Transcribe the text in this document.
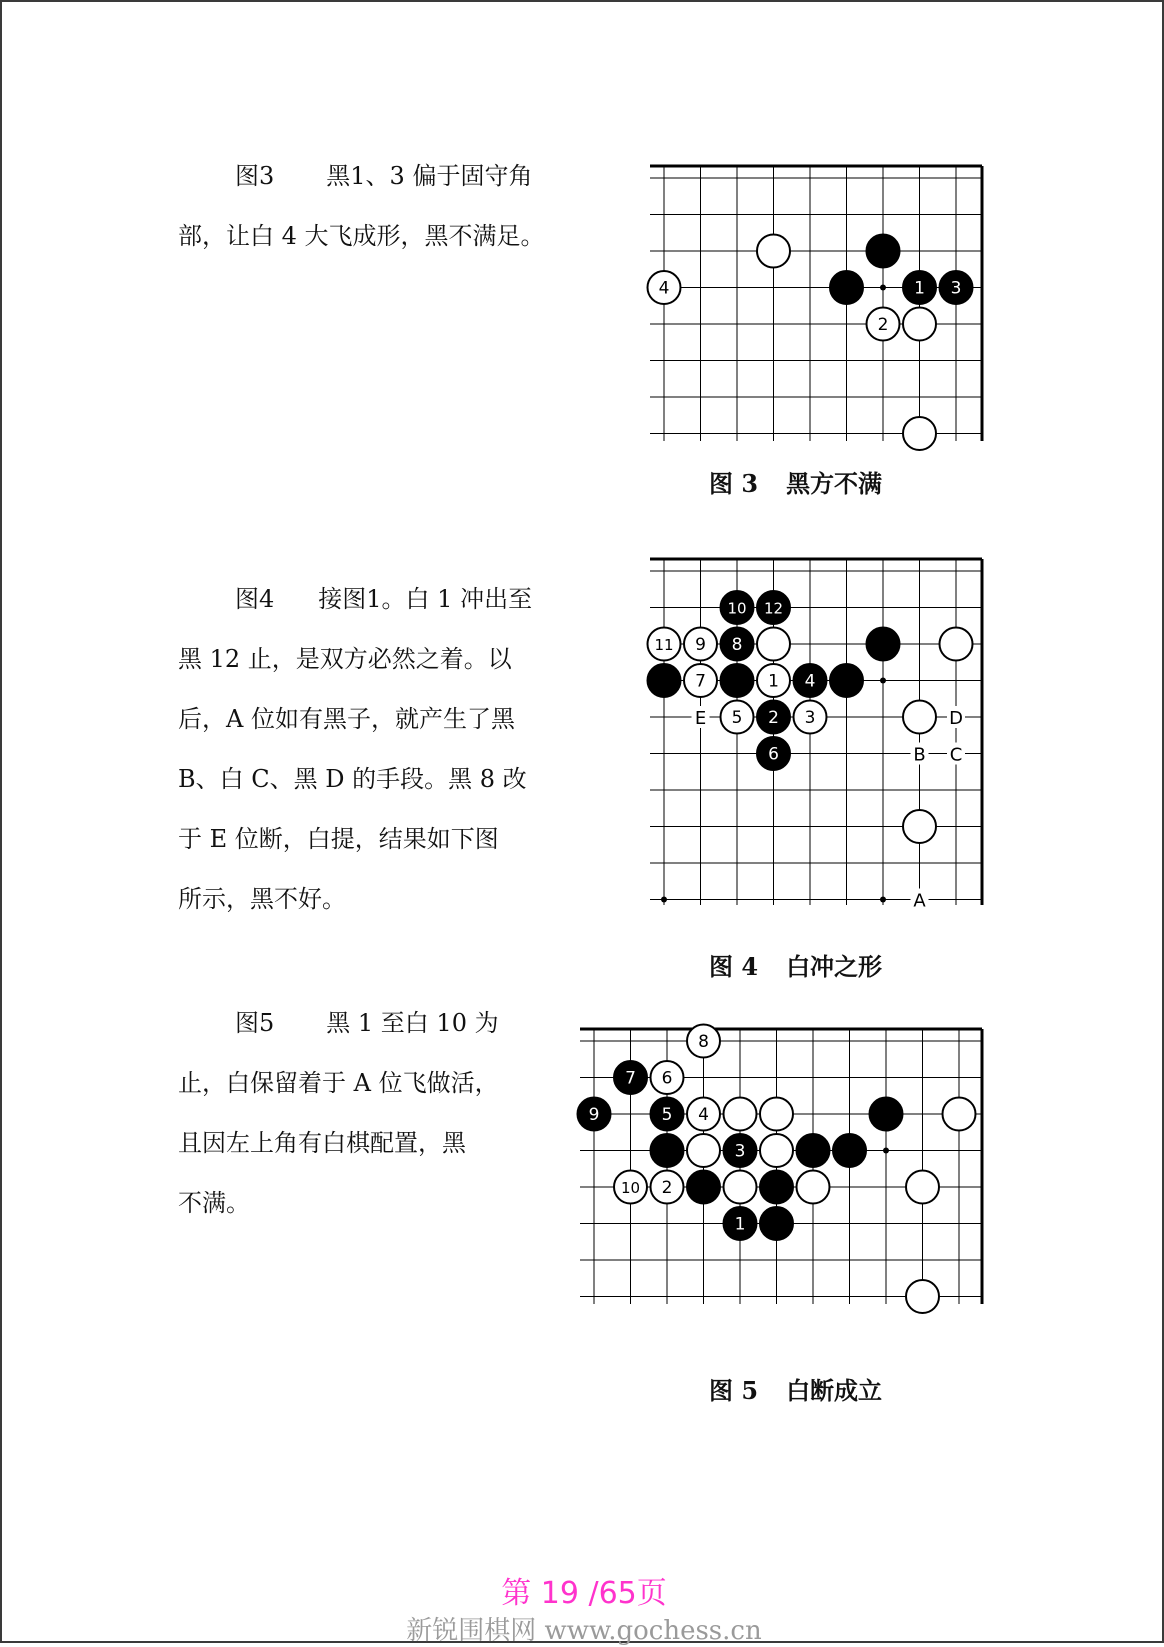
图3 黑1、3 偏于固守角

部，让白 4 大飞成形，黑不满足。

4	1 3
2
图 3 黑方不满

图4 接图1。白 1 冲出至

黑 12 止，是双方必然之着。以

后，A 位如有黑子，就产生了黑

B、白 C、黑 D 的手段。黑 8 改

于 E 位断，白提，结果如下图

所示，黑不好。

图 4 白冲之形

图5 黑 1 至白 10 为

止，白保留着于 A 位飞做活，

且因左上角有白棋配置，黑

不满。

图 5 白断成立
第 19 /65页
新锐围棋网 www.gochess.cn
E	D
B C
A
10 12
11 9 8
7	1 4
5 2 3
6
8
7 6
9	5 4
3
10 2
1
